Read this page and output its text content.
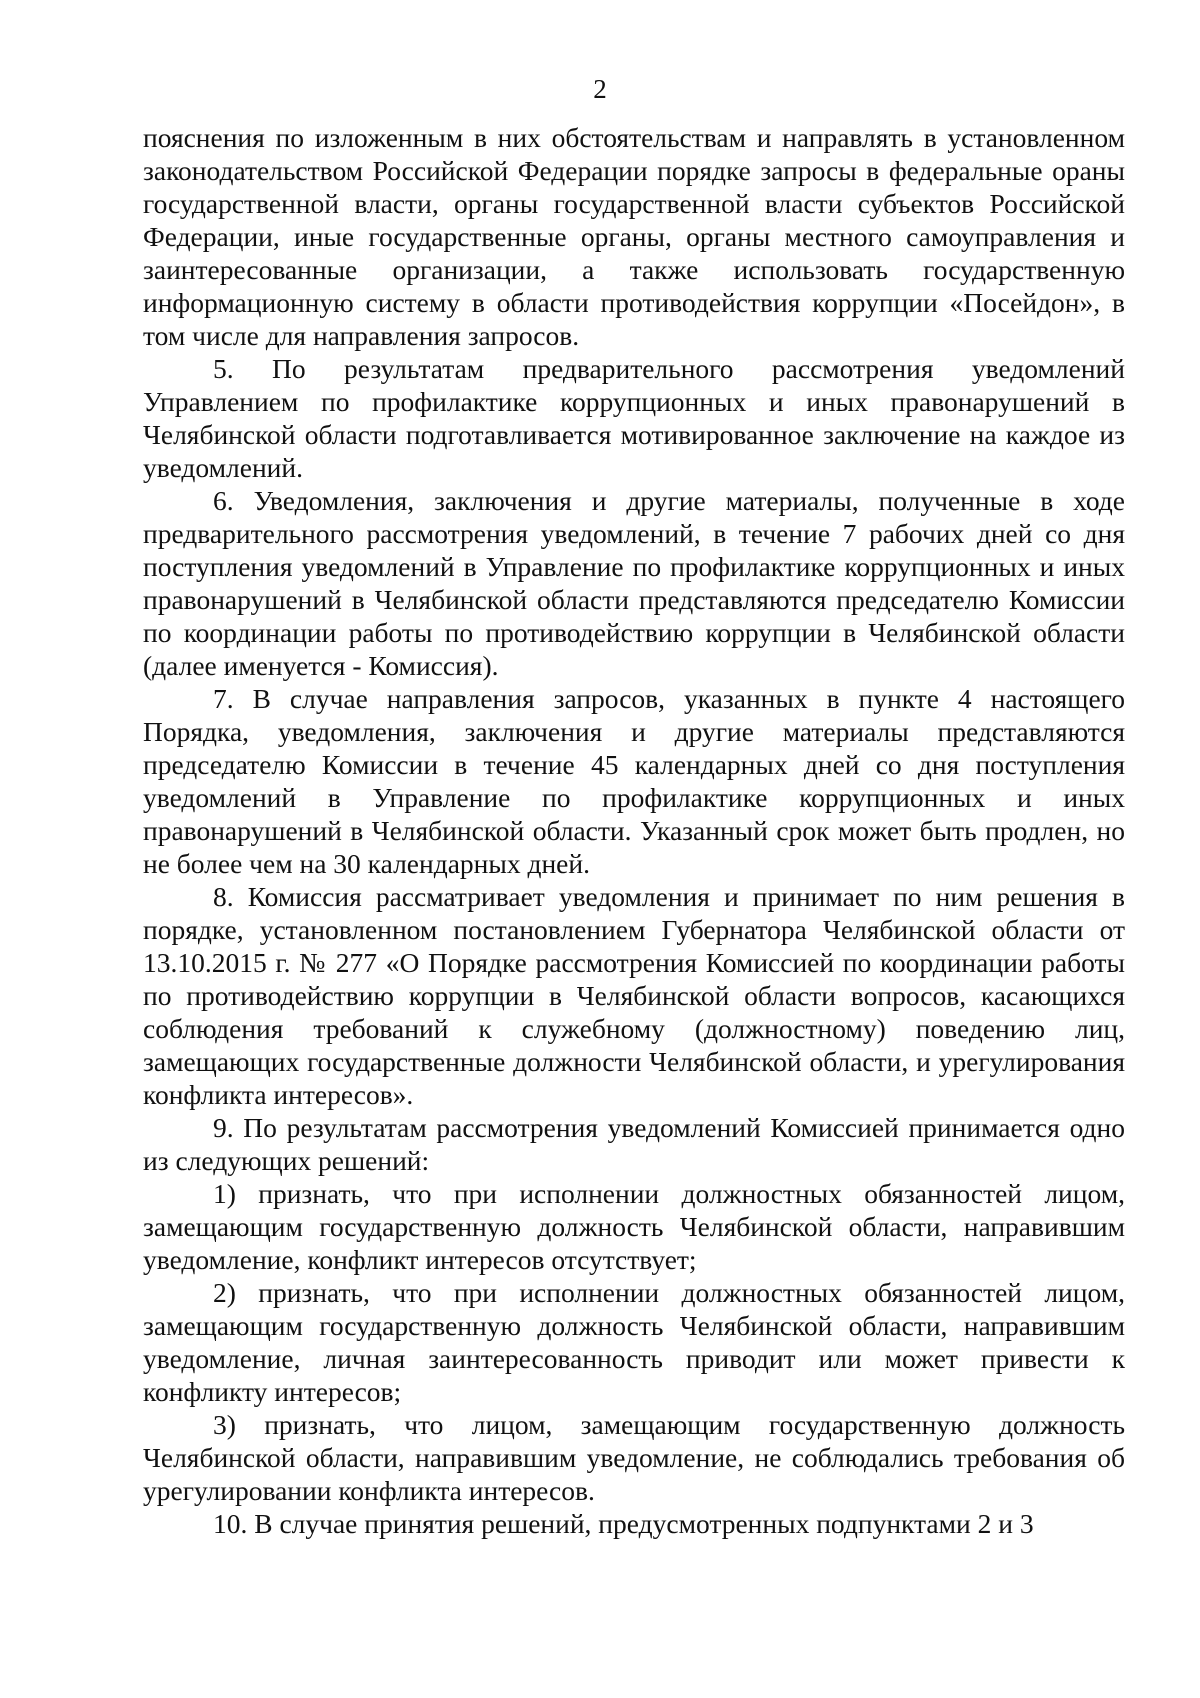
2

пояснения по изложенным в них обстоятельствам и направлять в установленном законодательством Российской Федерации порядке запросы в федеральные ораны государственной власти, органы государственной власти субъектов Российской Федерации, иные государственные органы, органы местного самоуправления и заинтересованные организации, а также использовать государственную информационную систему в области противодействия коррупции «Посейдон», в том числе для направления запросов.

5. По результатам предварительного рассмотрения уведомлений Управлением по профилактике коррупционных и иных правонарушений в Челябинской области подготавливается мотивированное заключение на каждое из уведомлений.

6. Уведомления, заключения и другие материалы, полученные в ходе предварительного рассмотрения уведомлений, в течение 7 рабочих дней со дня поступления уведомлений в Управление по профилактике коррупционных и иных правонарушений в Челябинской области представляются председателю Комиссии по координации работы по противодействию коррупции в Челябинской области (далее именуется - Комиссия).

7. В случае направления запросов, указанных в пункте 4 настоящего Порядка, уведомления, заключения и другие материалы представляются председателю Комиссии в течение 45 календарных дней со дня поступления уведомлений в Управление по профилактике коррупционных и иных правонарушений в Челябинской области. Указанный срок может быть продлен, но не более чем на 30 календарных дней.

8. Комиссия рассматривает уведомления и принимает по ним решения в порядке, установленном постановлением Губернатора Челябинской области от 13.10.2015 г. № 277 «О Порядке рассмотрения Комиссией по координации работы по противодействию коррупции в Челябинской области вопросов, касающихся соблюдения требований к служебному (должностному) поведению лиц, замещающих государственные должности Челябинской области, и урегулирования конфликта интересов».

9. По результатам рассмотрения уведомлений Комиссией принимается одно из следующих решений:

1) признать, что при исполнении должностных обязанностей лицом, замещающим государственную должность Челябинской области, направившим уведомление, конфликт интересов отсутствует;

2) признать, что при исполнении должностных обязанностей лицом, замещающим государственную должность Челябинской области, направившим уведомление, личная заинтересованность приводит или может привести к конфликту интересов;

3) признать, что лицом, замещающим государственную должность Челябинской области, направившим уведомление, не соблюдались требования об урегулировании конфликта интересов.

10. В случае принятия решений, предусмотренных подпунктами 2 и 3
